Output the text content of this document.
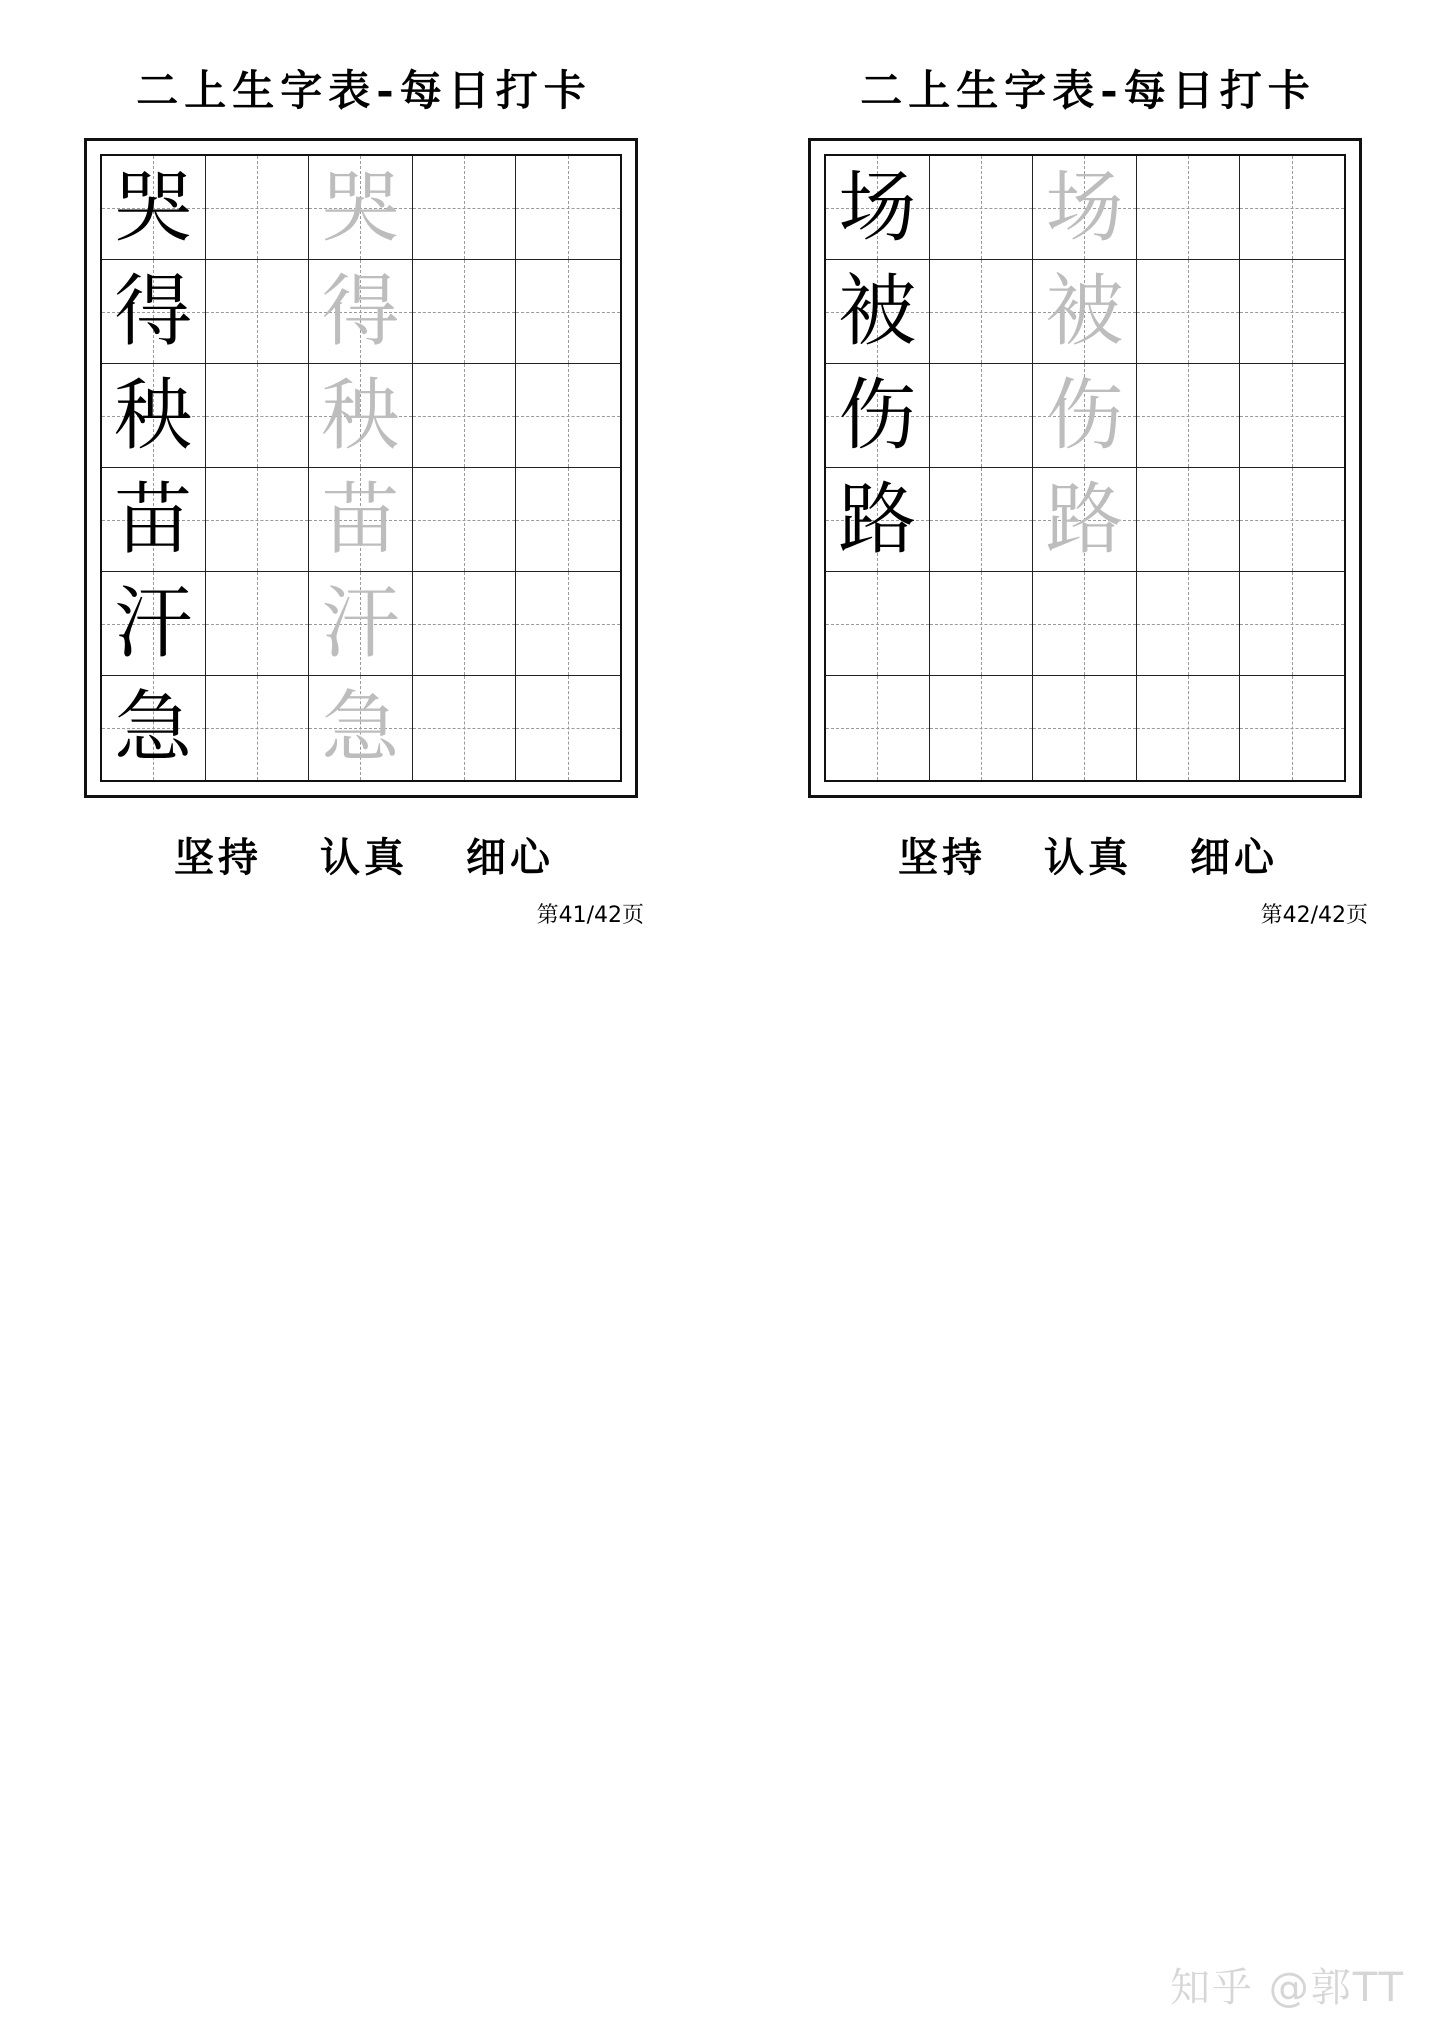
二上生字表-每日打卡
哭 哭
得 得
秧 秧
苗 苗
汗 汗
急 急
坚持 认真 细心
第41/42页
二上生字表-每日打卡
场 场
被 被
伤 伤
路 路
坚持 认真 细心
第42/42页
知乎 @郭TT
